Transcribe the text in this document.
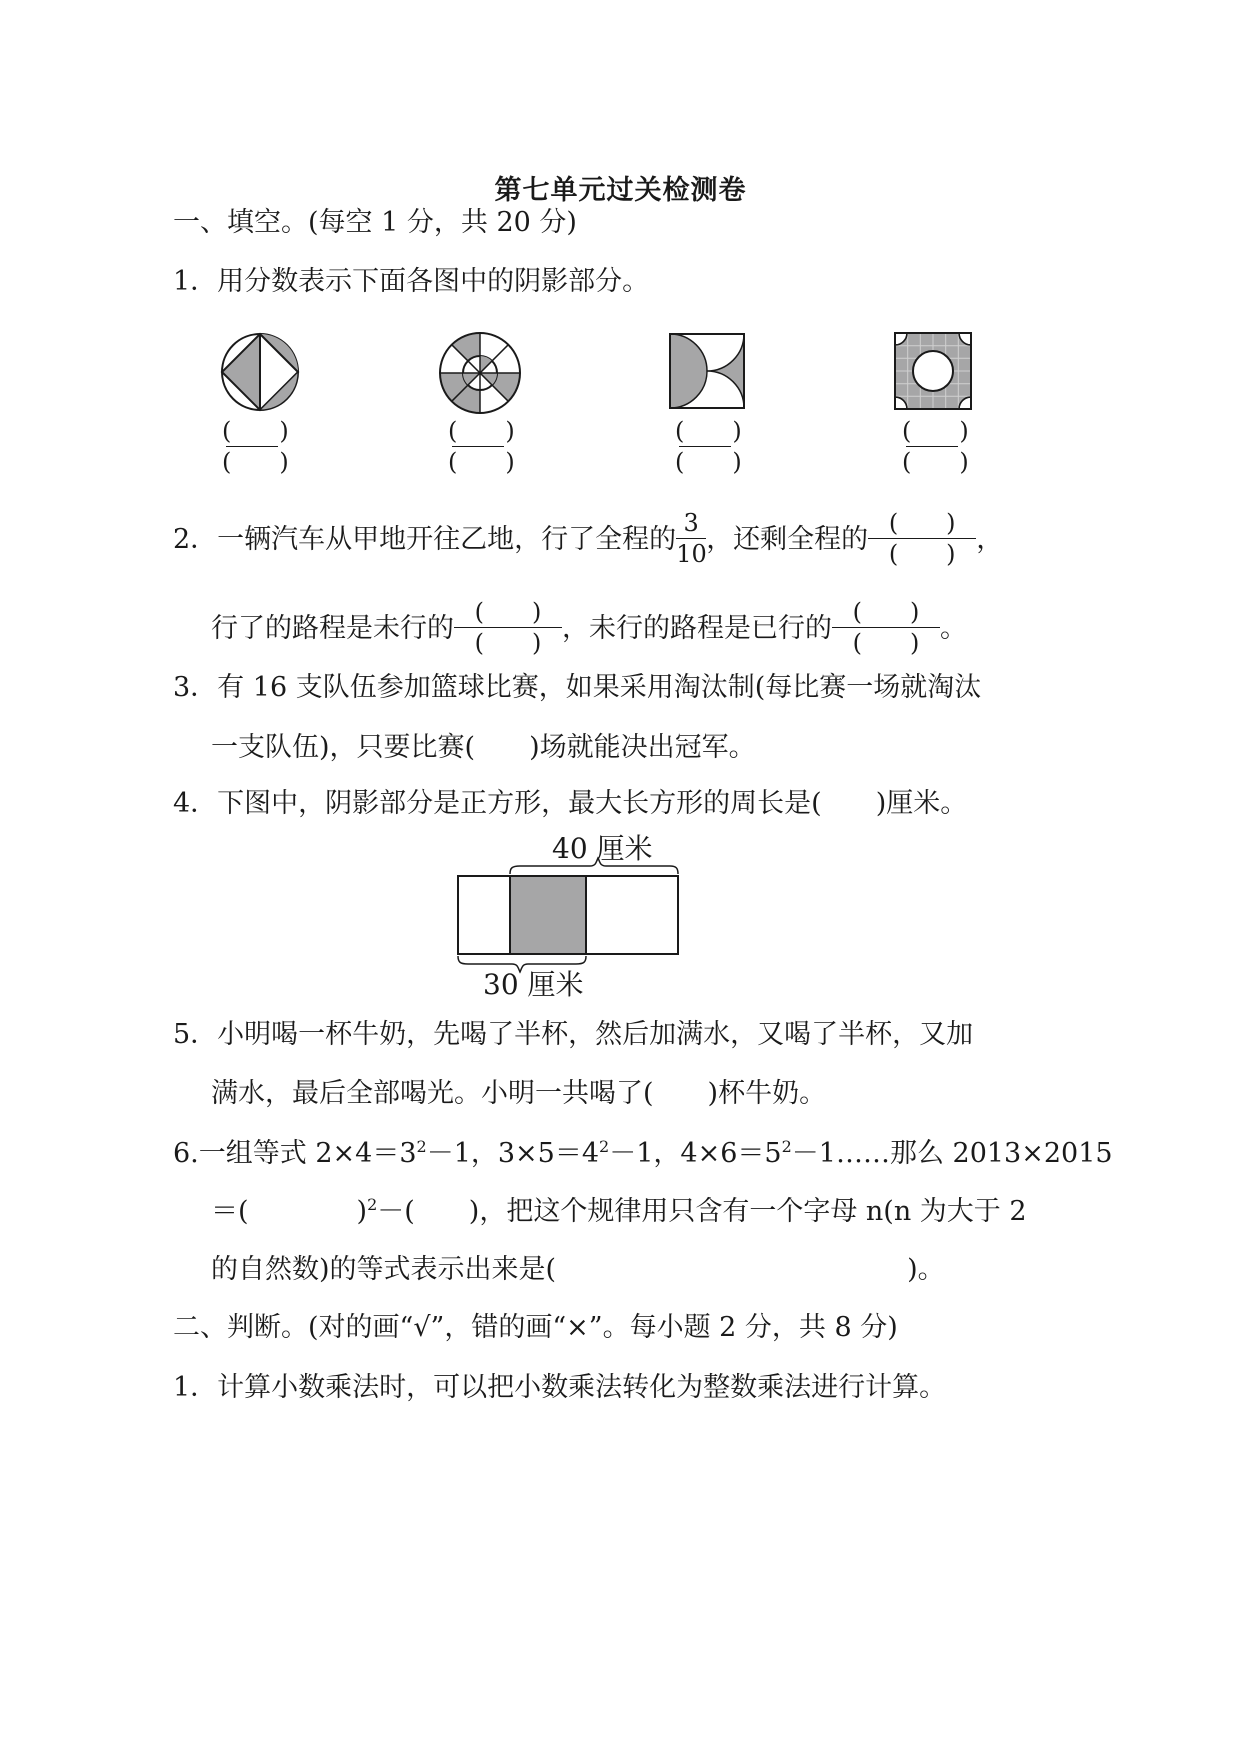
第七单元过关检测卷
一、填空。(每空 1 分，共 20 分)
1．用分数表示下面各图中的阴影部分。
(　　)
(　　)
(　　)
(　　)
(　　)
(　　)
(　　)
(　　)
2．一辆汽车从甲地开往乙地，行了全程的 $\frac{3}{10}$ ，还剩全程的 $\frac{( )}{( )}$ ，
行了的路程是未行的 $\frac{( )}{( )}$ ，未行的路程是已行的 $\frac{( )}{( )}$ 。
3．有 16 支队伍参加篮球比赛，如果采用淘汰制(每比赛一场就淘汰
一支队伍)，只要比赛(　　)场就能决出冠军。
4．下图中，阴影部分是正方形，最大长方形的周长是(　　)厘米。
40 厘米
30 厘米
5．小明喝一杯牛奶，先喝了半杯，然后加满水，又喝了半杯，又加
满水，最后全部喝光。小明一共喝了(　　)杯牛奶。
6.一组等式 $2\times 4=3^2-1$，$3\times 5=4^2-1$，$4\times 6=5^2-1\dots\dots$那么 2013×2015
＝(　　　　)$^2$－(　　)，把这个规律用只含有一个字母 n(n 为大于 2
的自然数)的等式表示出来是(　　　　　　　　　　　　　)。
二、判断。(对的画“√”，错的画“×”。每小题 2 分，共 8 分)
1．计算小数乘法时，可以把小数乘法转化为整数乘法进行计算。
